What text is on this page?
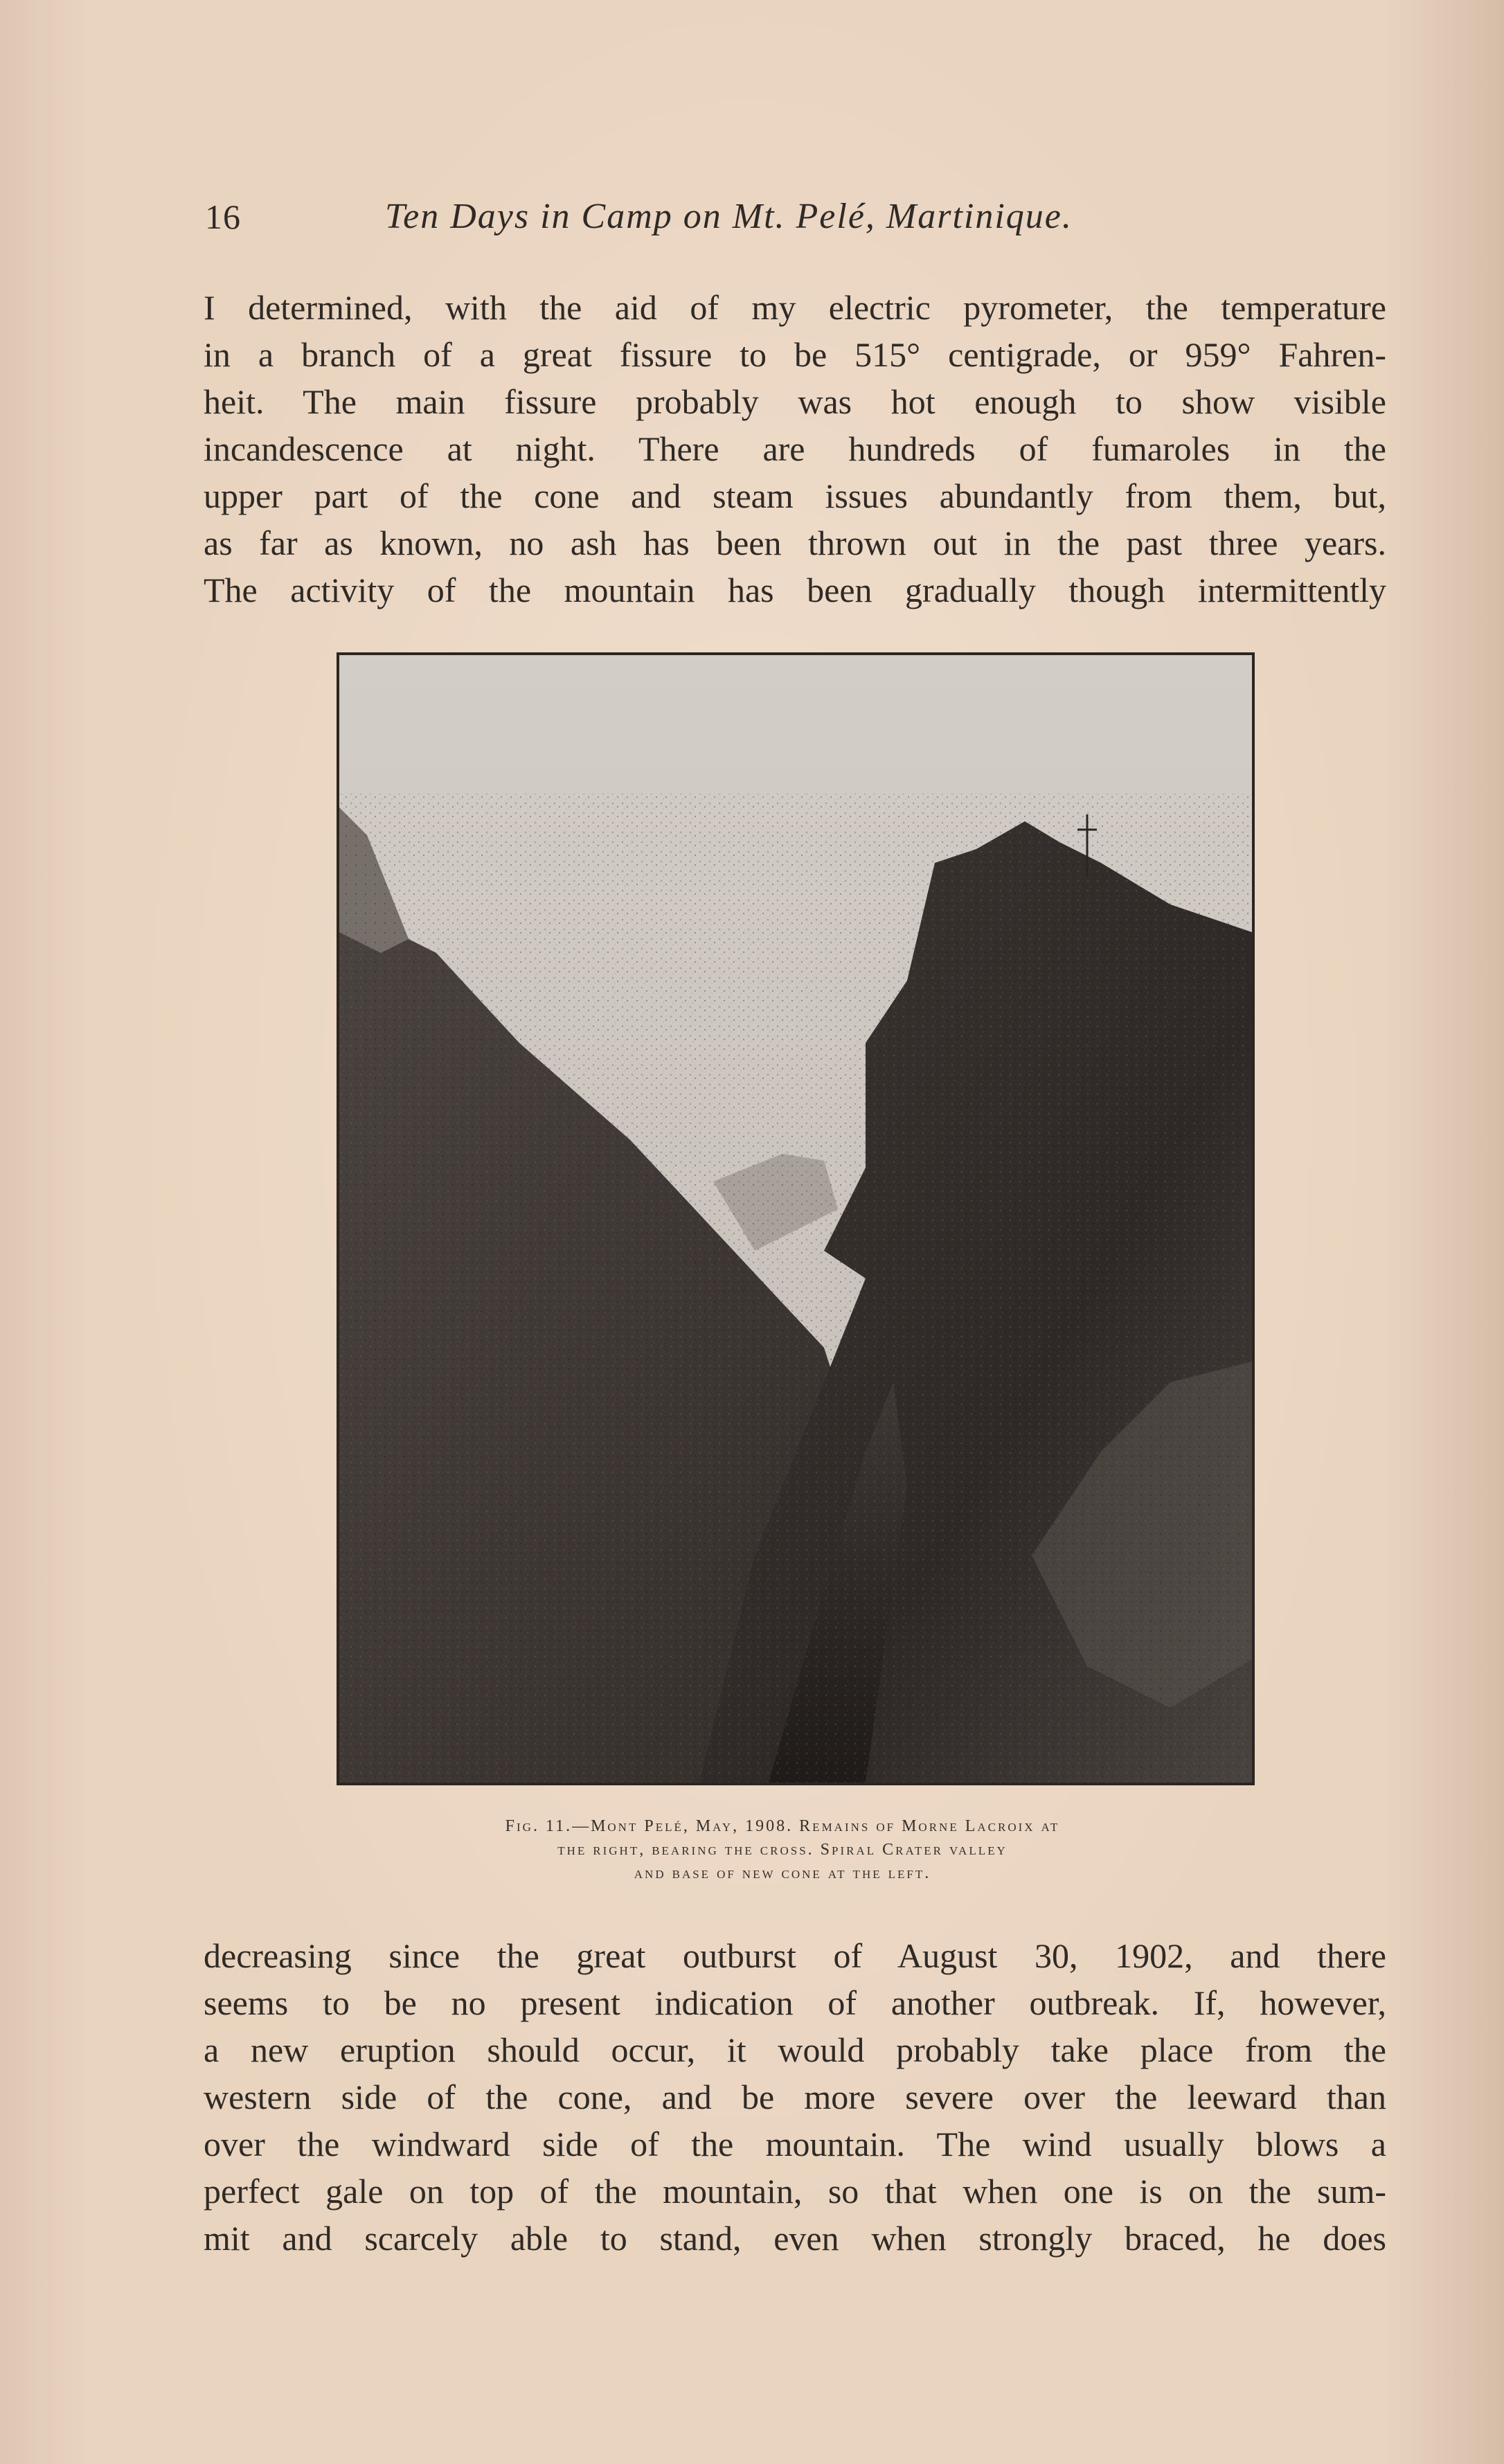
16	Ten Days in Camp on Mt. Pelé, Martinique.
I determined, with the aid of my electric pyrometer, the temperature
in a branch of a great fissure to be 515° centigrade, or 959° Fahren-
heit. The main fissure probably was hot enough to show visible
incandescence at night. There are hundreds of fumaroles in the
upper part of the cone and steam issues abundantly from them, but,
as far as known, no ash has been thrown out in the past three years.
The activity of the mountain has been gradually though intermittently
Fig. 11.—Mont Pelé, May, 1908. Remains of Morne Lacroix at
the right, bearing the cross. Spiral Crater valley
and base of new cone at the left.
decreasing since the great outburst of August 30, 1902, and there
seems to be no present indication of another outbreak. If, however,
a new eruption should occur, it would probably take place from the
western side of the cone, and be more severe over the leeward than
over the windward side of the mountain. The wind usually blows a
perfect gale on top of the mountain, so that when one is on the sum-
mit and scarcely able to stand, even when strongly braced, he does
